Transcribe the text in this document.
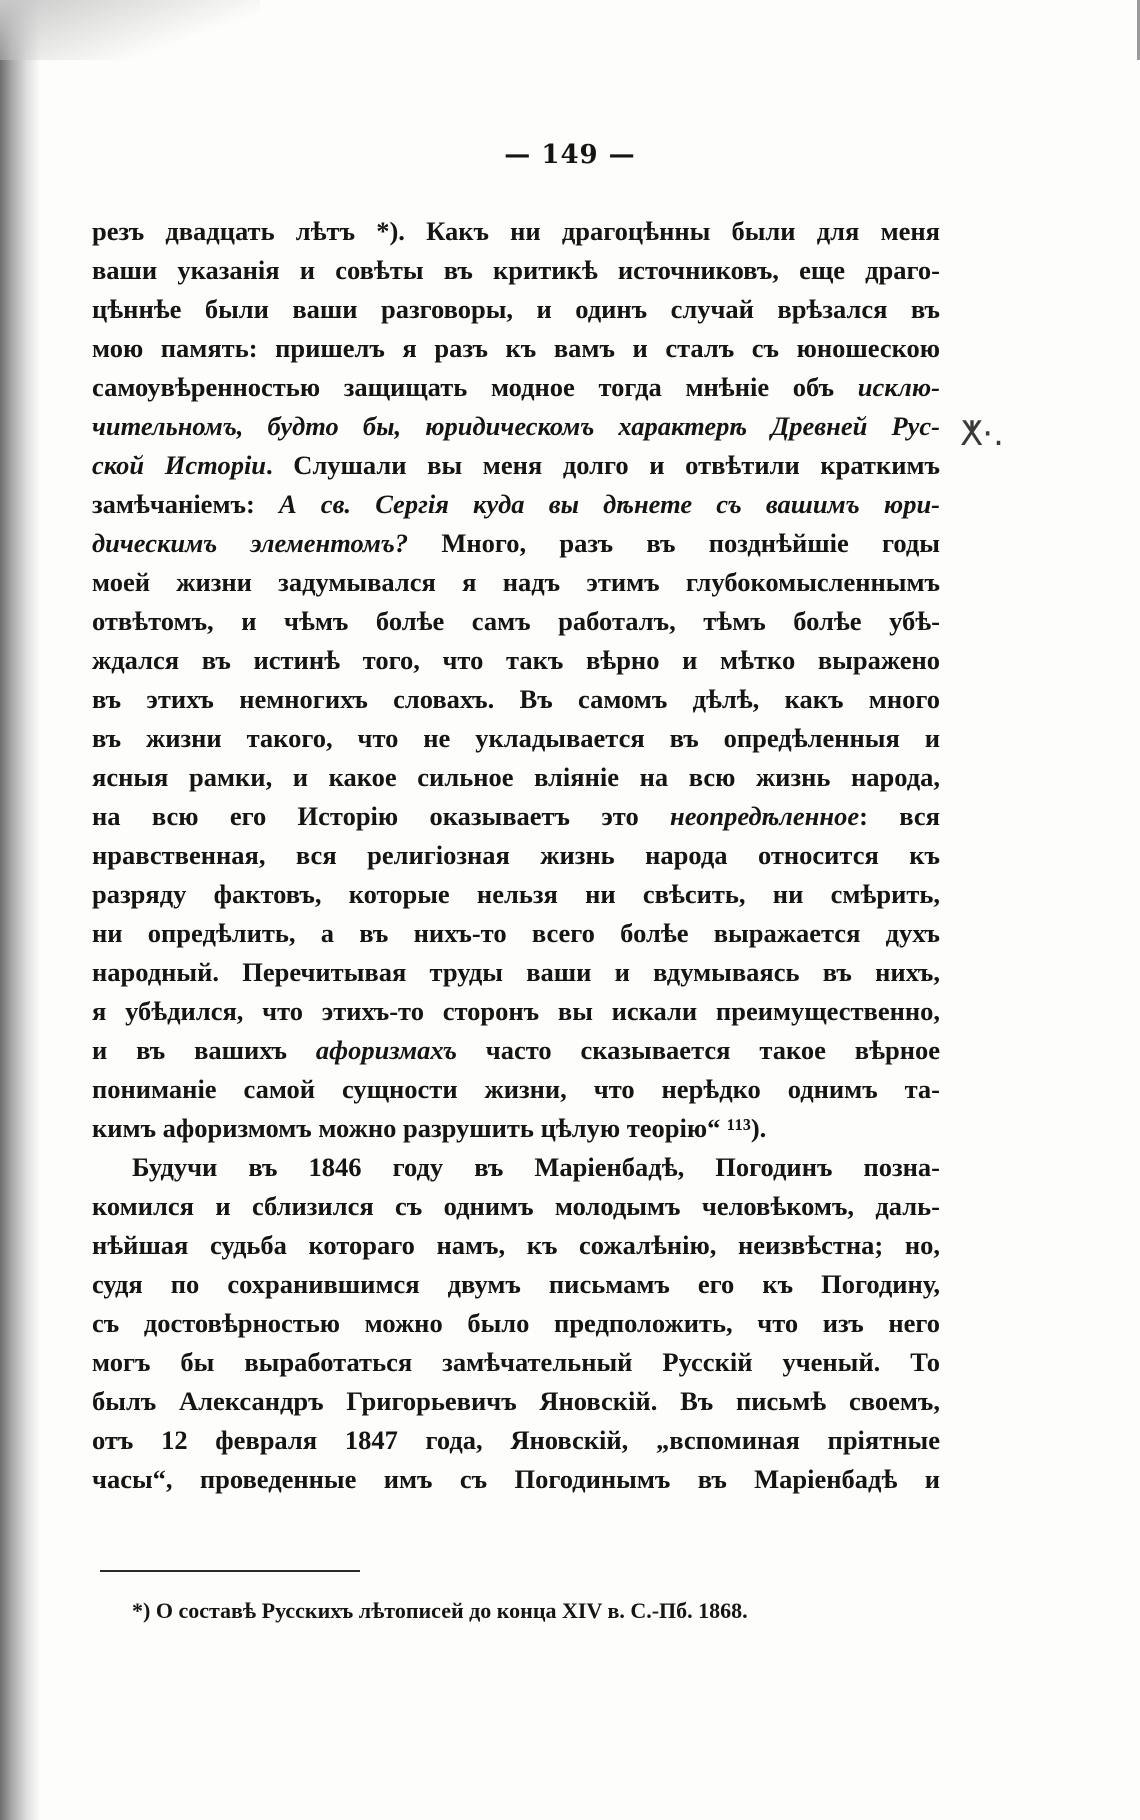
— 149 —
резъ двадцать лѣтъ *). Какъ ни драгоцѣнны были для меня
ваши указанія и совѣты въ критикѣ источниковъ, еще драго-
цѣннѣе были ваши разговоры, и одинъ случай врѣзался въ
мою память: пришелъ я разъ къ вамъ и сталъ съ юношескою
самоувѣренностью защищать модное тогда мнѣніе объ исклю-
чительномъ, будто бы, юридическомъ характерѣ Древней Рус-
ской Исторіи. Слушали вы меня долго и отвѣтили краткимъ
замѣчаніемъ: А св. Сергія куда вы дѣнете съ вашимъ юри-
дическимъ элементомъ? Много, разъ въ позднѣйшіе годы
моей жизни задумывался я надъ этимъ глубокомысленнымъ
отвѣтомъ, и чѣмъ болѣе самъ работалъ, тѣмъ болѣе убѣ-
ждался въ истинѣ того, что такъ вѣрно и мѣтко выражено
въ этихъ немногихъ словахъ. Въ самомъ дѣлѣ, какъ много
въ жизни такого, что не укладывается въ опредѣленныя и
ясныя рамки, и какое сильное вліяніе на всю жизнь народа,
на всю его Исторію оказываетъ это неопредѣленное: вся
нравственная, вся религіозная жизнь народа относится къ
разряду фактовъ, которые нельзя ни свѣсить, ни смѣрить,
ни опредѣлить, а въ нихъ-то всего болѣе выражается духъ
народный. Перечитывая труды ваши и вдумываясь въ нихъ,
я убѣдился, что этихъ-то сторонъ вы искали преимущественно,
и въ вашихъ афоризмахъ часто сказывается такое вѣрное
пониманіе самой сущности жизни, что нерѣдко однимъ та-
кимъ афоризмомъ можно разрушить цѣлую теорію“ ¹¹³).
Будучи въ 1846 году въ Маріенбадѣ, Погодинъ позна-
комился и сблизился съ однимъ молодымъ человѣкомъ, даль-
нѣйшая судьба котораго намъ, къ сожалѣнію, неизвѣстна; но,
судя по сохранившимся двумъ письмамъ его къ Погодину,
съ достовѣрностью можно было предположить, что изъ него
могъ бы выработаться замѣчательный Русскій ученый. То
былъ Александръ Григорьевичъ Яновскій. Въ письмѣ своемъ,
отъ 12 февраля 1847 года, Яновскій, „вспоминая пріятные
часы“, проведенные имъ съ Погодинымъ въ Маріенбадѣ и
ⵅ·.
*) О составѣ Русскихъ лѣтописей до конца XIV в. С.-Пб. 1868.
